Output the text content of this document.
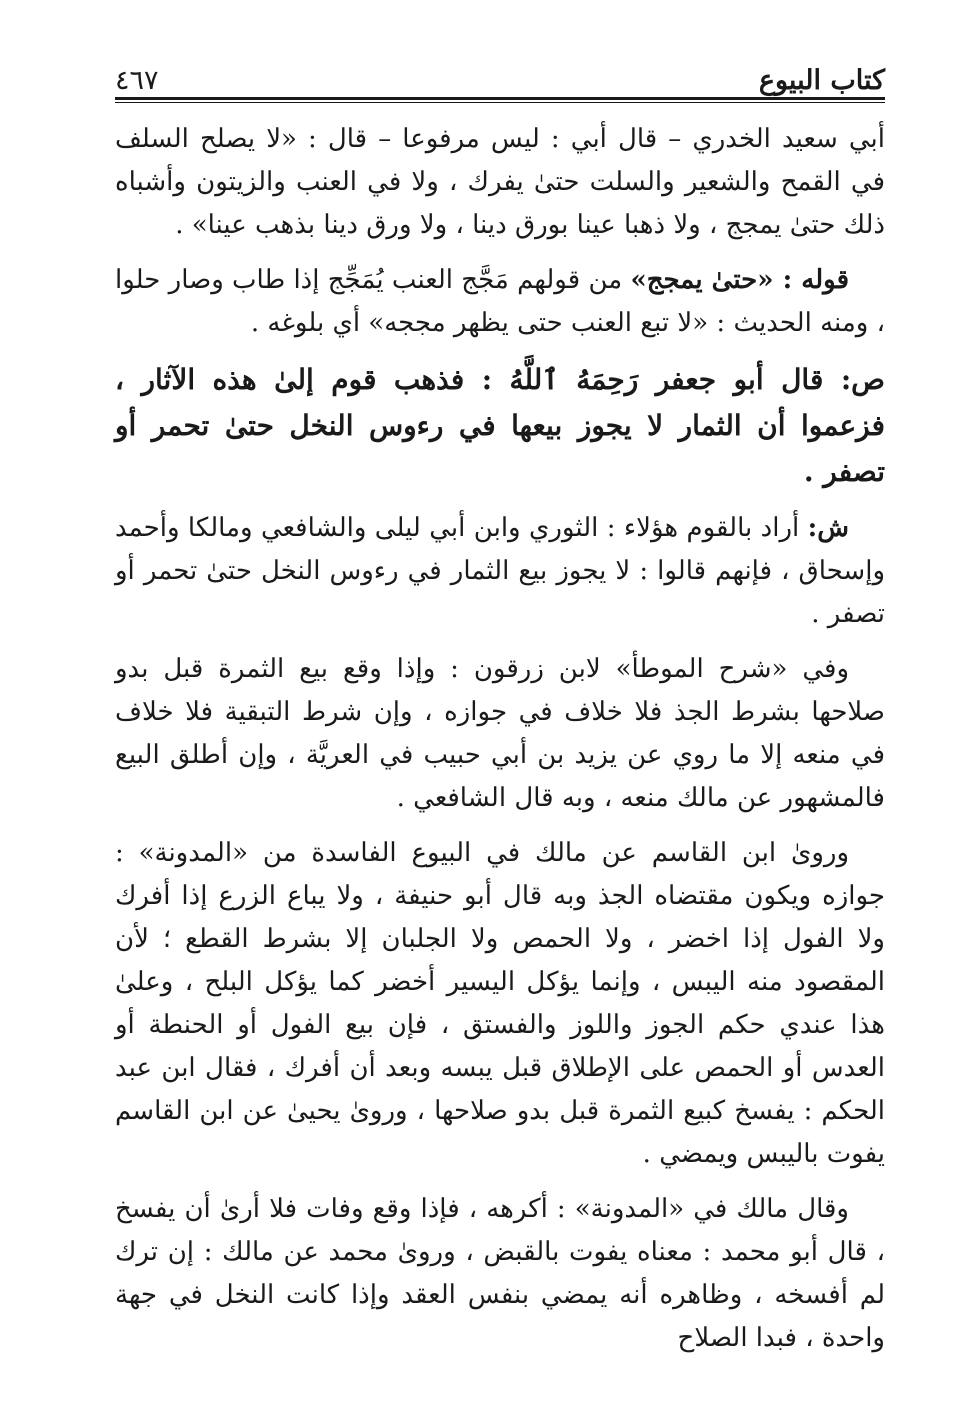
كتاب البيوع
٤٦٧

أبي سعيد الخدري – قال أبي : ليس مرفوعا – قال : «لا يصلح السلف في القمح والشعير والسلت حتىٰ يفرك ، ولا في العنب والزيتون وأشباه ذلك حتىٰ يمجج ، ولا ذهبا عينا بورق دينا ، ولا ورق دينا بذهب عينا» .

قوله : «حتىٰ يمجج» من قولهم مَجَّج العنب يُمَجِّج إذا طاب وصار حلوا ، ومنه الحديث : «لا تبع العنب حتى يظهر مججه» أي بلوغه .

ص: قال أبو جعفر رَحِمَهُ ٱللَّهُ : فذهب قوم إلىٰ هذه الآثار ، فزعموا أن الثمار لا يجوز بيعها في رءوس النخل حتىٰ تحمر أو تصفر .

ش: أراد بالقوم هؤلاء : الثوري وابن أبي ليلى والشافعي ومالكا وأحمد وإسحاق ، فإنهم قالوا : لا يجوز بيع الثمار في رءوس النخل حتىٰ تحمر أو تصفر .

وفي «شرح الموطأ» لابن زرقون : وإذا وقع بيع الثمرة قبل بدو صلاحها بشرط الجذ فلا خلاف في جوازه ، وإن شرط التبقية فلا خلاف في منعه إلا ما روي عن يزيد بن أبي حبيب في العريَّة ، وإن أطلق البيع فالمشهور عن مالك منعه ، وبه قال الشافعي .

وروىٰ ابن القاسم عن مالك في البيوع الفاسدة من «المدونة» : جوازه ويكون مقتضاه الجذ وبه قال أبو حنيفة ، ولا يباع الزرع إذا أفرك ولا الفول إذا اخضر ، ولا الحمص ولا الجلبان إلا بشرط القطع ؛ لأن المقصود منه اليبس ، وإنما يؤكل اليسير أخضر كما يؤكل البلح ، وعلىٰ هذا عندي حكم الجوز واللوز والفستق ، فإن بيع الفول أو الحنطة أو العدس أو الحمص على الإطلاق قبل يبسه وبعد أن أفرك ، فقال ابن عبد الحكم : يفسخ كبيع الثمرة قبل بدو صلاحها ، وروىٰ يحيىٰ عن ابن القاسم يفوت باليبس ويمضي .

وقال مالك في «المدونة» : أكرهه ، فإذا وقع وفات فلا أرىٰ أن يفسخ ، قال أبو محمد : معناه يفوت بالقبض ، وروىٰ محمد عن مالك : إن ترك لم أفسخه ، وظاهره أنه يمضي بنفس العقد وإذا كانت النخل في جهة واحدة ، فبدا الصلاح
